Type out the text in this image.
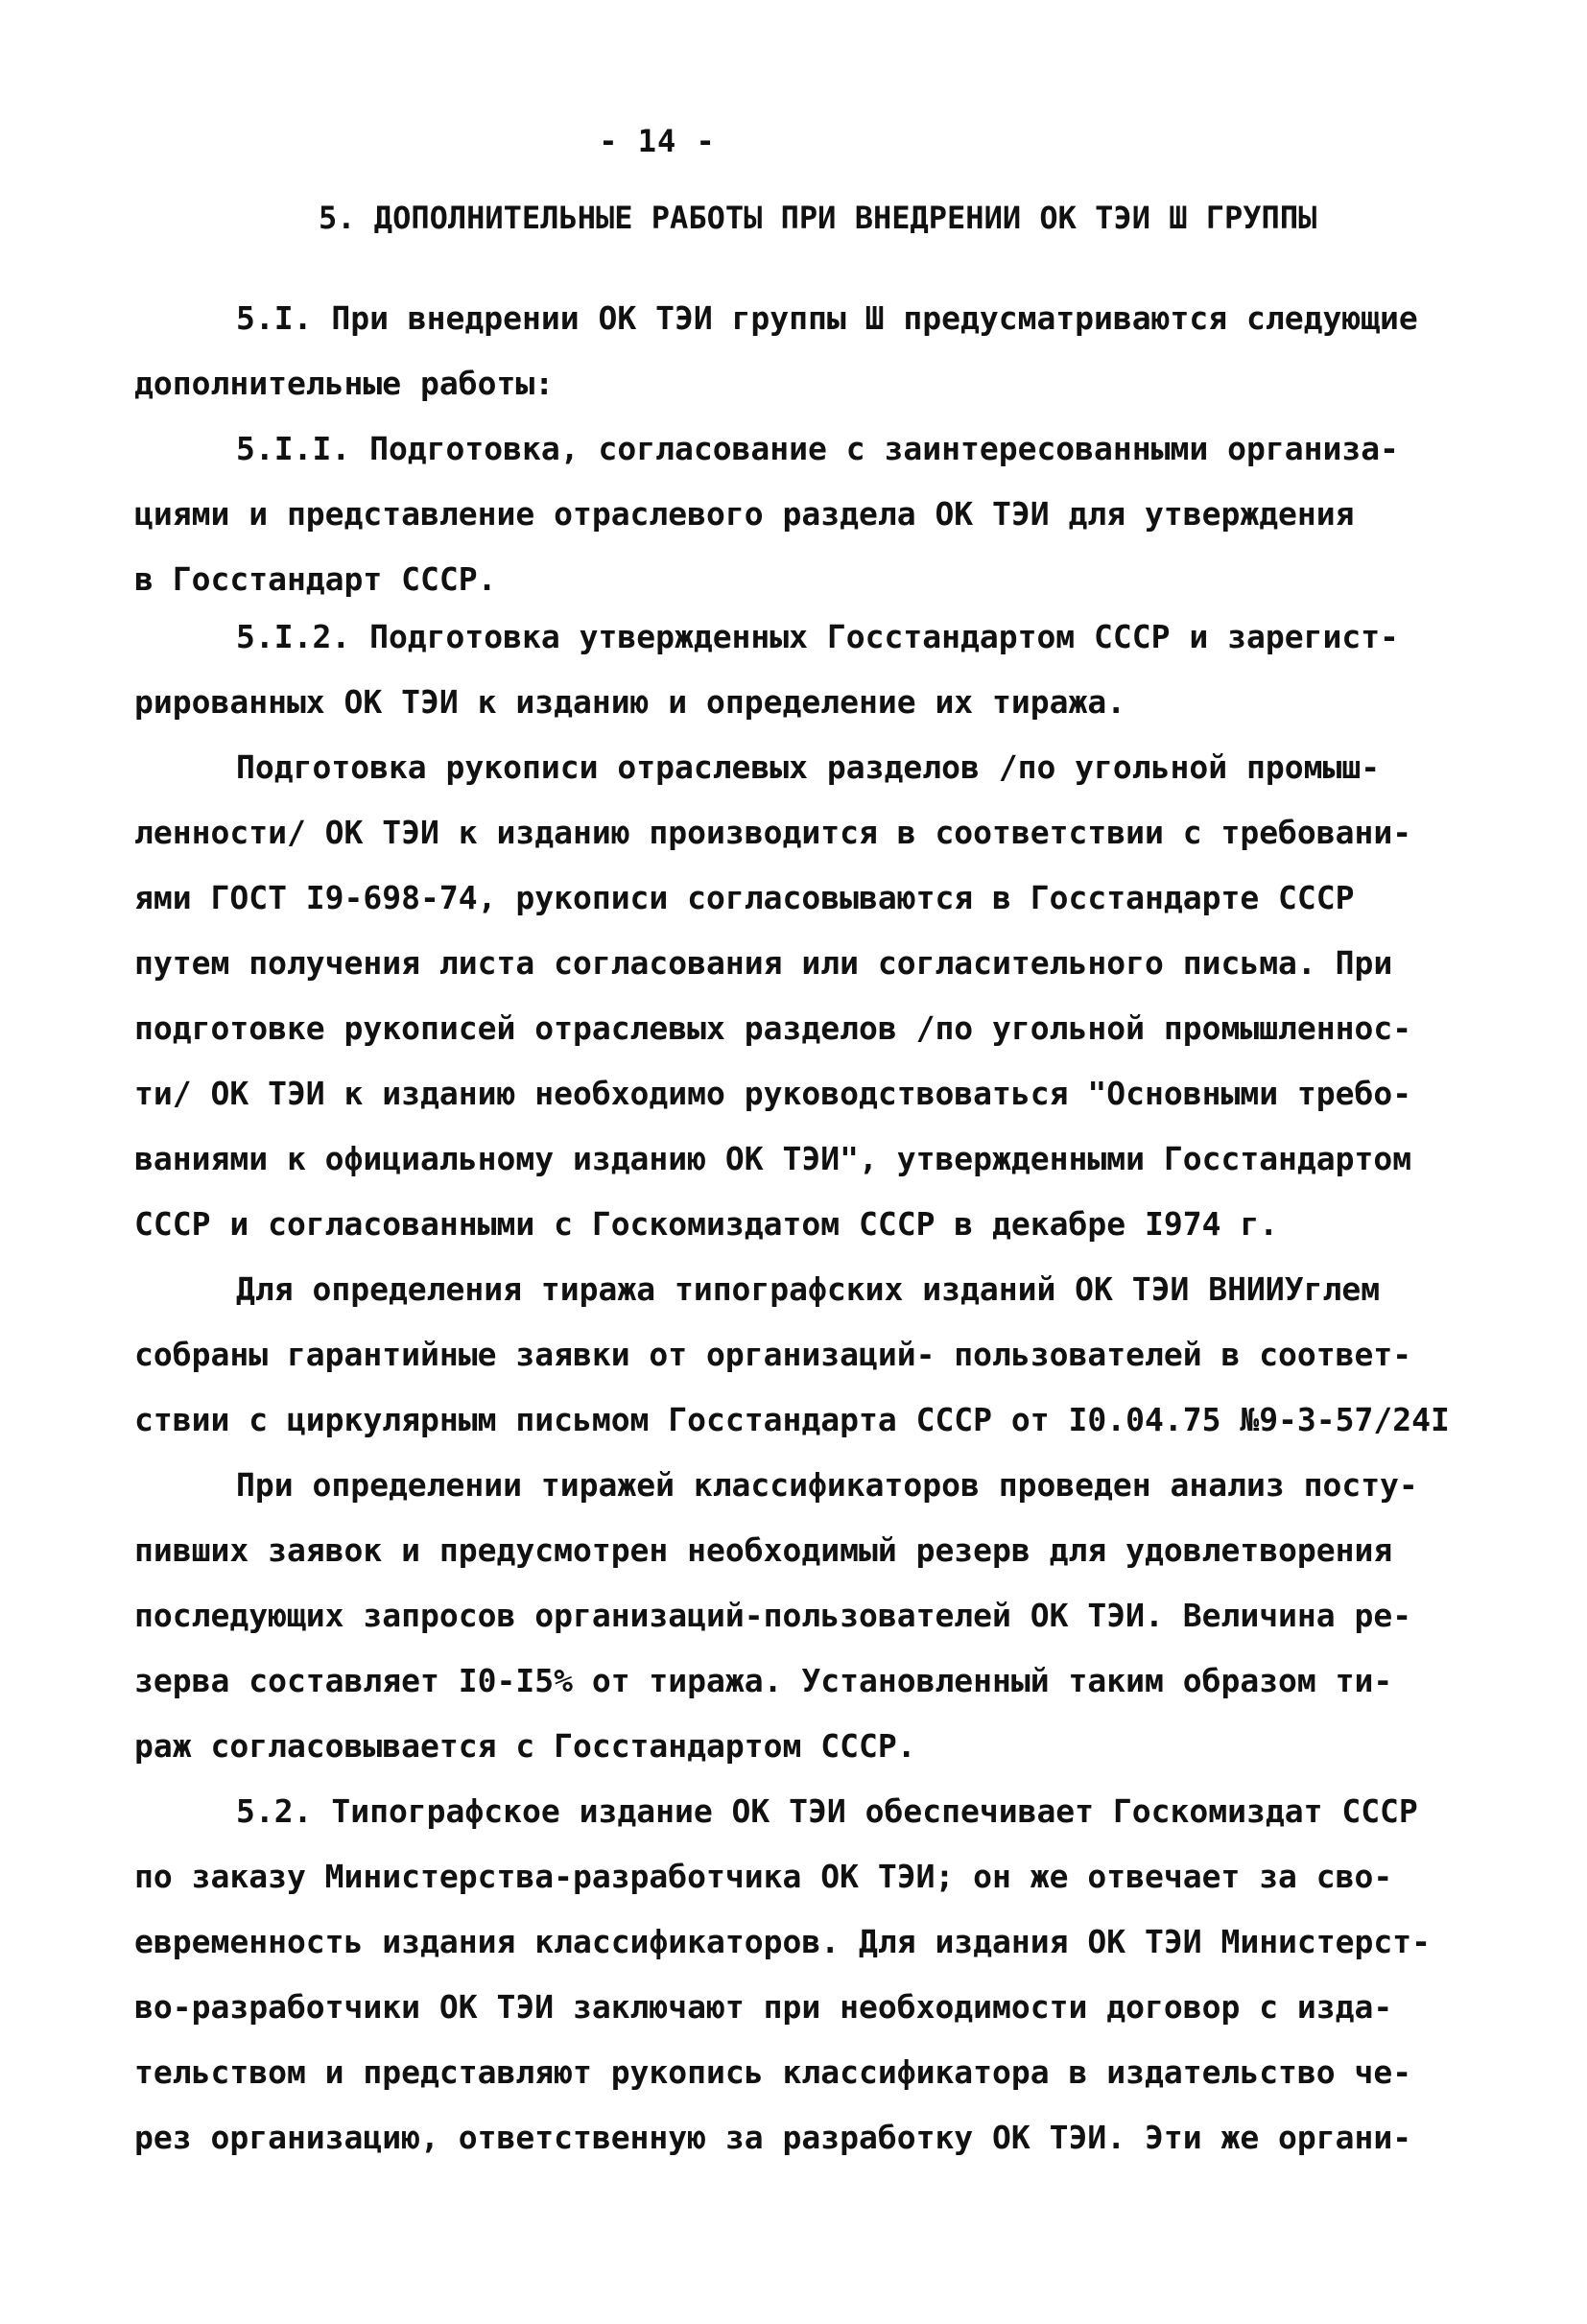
- 14 -
5. ДОПОЛНИТЕЛЬНЫЕ РАБОТЫ ПРИ ВНЕДРЕНИИ ОК ТЭИ Ш ГРУППЫ
5.I. При внедрении ОК ТЭИ группы Ш предусматриваются следующие
дополнительные работы:
5.I.I. Подготовка, согласование с заинтересованными организа-
циями и представление отраслевого раздела ОК ТЭИ для утверждения
в Госстандарт СССР.
5.I.2. Подготовка утвержденных Госстандартом СССР и зарегист-
рированных ОК ТЭИ к изданию и определение их тиража.
Подготовка рукописи отраслевых разделов /по угольной промыш-
ленности/ ОК ТЭИ к изданию производится в соответствии с требовани-
ями ГОСТ I9-698-74, рукописи согласовываются в Госстандарте СССР
путем получения листа согласования или согласительного письма. При
подготовке рукописей отраслевых разделов /по угольной промышленнос-
ти/ ОК ТЭИ к изданию необходимо руководствоваться "Основными требо-
ваниями к официальному изданию ОК ТЭИ", утвержденными Госстандартом
СССР и согласованными с Госкомиздатом СССР в декабре I974 г.
Для определения тиража типографских изданий ОК ТЭИ ВНИИУглем
собраны гарантийные заявки от организаций- пользователей в соответ-
ствии с циркулярным письмом Госстандарта СССР от I0.04.75 №9-3-57/24I
При определении тиражей классификаторов проведен анализ посту-
пивших заявок и предусмотрен необходимый резерв для удовлетворения
последующих запросов организаций-пользователей ОК ТЭИ. Величина ре-
зерва составляет I0-I5% от тиража. Установленный таким образом ти-
раж согласовывается с Госстандартом СССР.
5.2. Типографское издание ОК ТЭИ обеспечивает Госкомиздат СССР
по заказу Министерства-разработчика ОК ТЭИ; он же отвечает за сво-
евременность издания классификаторов. Для издания ОК ТЭИ Министерст-
во-разработчики ОК ТЭИ заключают при необходимости договор с изда-
тельством и представляют рукопись классификатора в издательство че-
рез организацию, ответственную за разработку ОК ТЭИ. Эти же органи-
